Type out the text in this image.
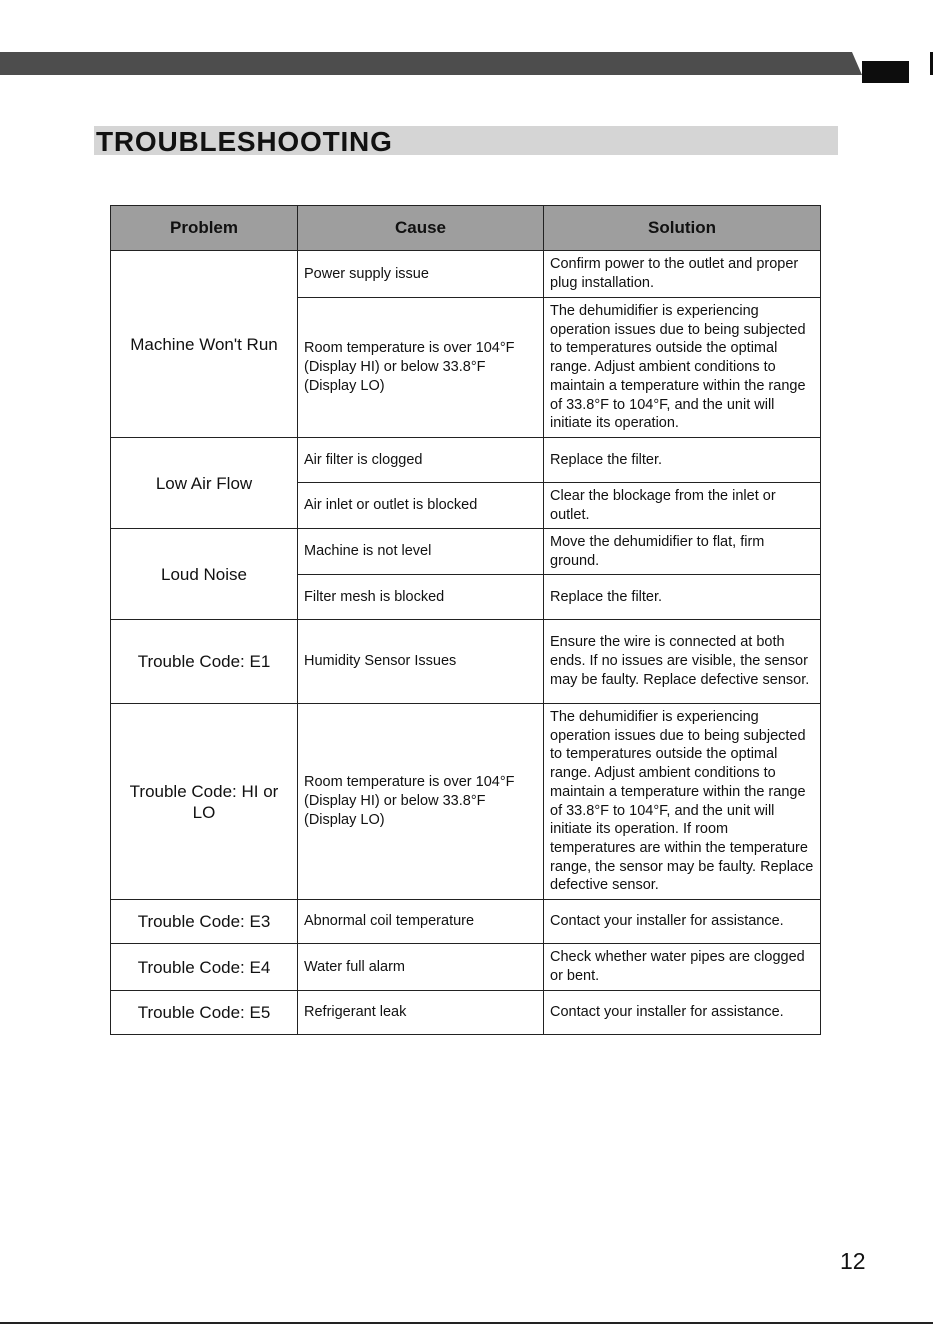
TROUBLESHOOTING
Problem	Cause	Solution
Machine Won't Run	Power supply issue	Confirm power to the outlet and proper plug installation.
	Room temperature is over 104°F (Display HI) or below 33.8°F (Display LO)	The dehumidifier is experiencing operation issues due to being subjected to temperatures outside the optimal range. Adjust ambient conditions to maintain a temperature within the range of 33.8°F to 104°F, and the unit will initiate its operation.
Low Air Flow	Air filter is clogged	Replace the filter.
	Air inlet or outlet is blocked	Clear the blockage from the inlet or outlet.
Loud Noise	Machine is not level	Move the dehumidifier to flat, firm ground.
	Filter mesh is blocked	Replace the filter.
Trouble Code: E1	Humidity Sensor Issues	Ensure the wire is connected at both ends. If no issues are visible, the sensor may be faulty. Replace defective sensor.
Trouble Code: HI or LO	Room temperature is over 104°F (Display HI) or below 33.8°F (Display LO)	The dehumidifier is experiencing operation issues due to being subjected to temperatures outside the optimal range. Adjust ambient conditions to maintain a temperature within the range of 33.8°F to 104°F, and the unit will initiate its operation. If room temperatures are within the temperature range, the sensor may be faulty. Replace defective sensor.
Trouble Code: E3	Abnormal coil temperature	Contact your installer for assistance.
Trouble Code: E4	Water full alarm	Check whether water pipes are clogged or bent.
Trouble Code: E5	Refrigerant leak	Contact your installer for assistance.
12
